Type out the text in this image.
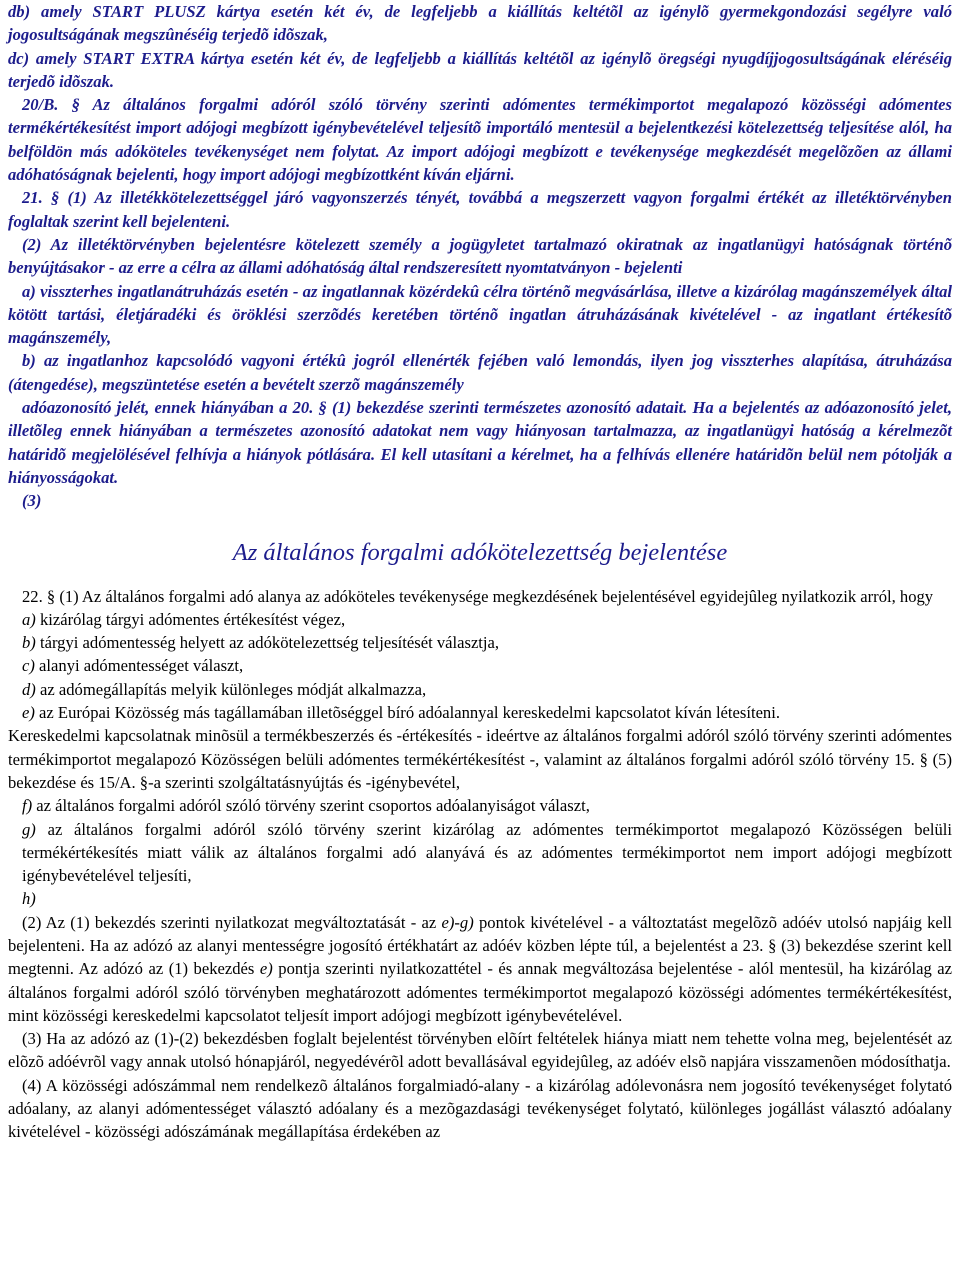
db) amely START PLUSZ kártya esetén két év, de legfeljebb a kiállítás keltétõl az igénylõ gyermekgondozási segélyre való jogosultságának megszûnéséig terjedõ idõszak,

dc) amely START EXTRA kártya esetén két év, de legfeljebb a kiállítás keltétõl az igénylõ öregségi nyugdíjjogosultságának eléréséig terjedõ idõszak.

20/B. § Az általános forgalmi adóról szóló törvény szerinti adómentes termékimportot megalapozó közösségi adómentes termékértékesítést import adójogi megbízott igénybevételével teljesítõ importáló mentesül a bejelentkezési kötelezettség teljesítése alól, ha belföldön más adóköteles tevékenységet nem folytat. Az import adójogi megbízott e tevékenysége megkezdését megelõzõen az állami adóhatóságnak bejelenti, hogy import adójogi megbízottként kíván eljárni.

21. § (1) Az illetékkötelezettséggel járó vagyonszerzés tényét, továbbá a megszerzett vagyon forgalmi értékét az illetéktörvényben foglaltak szerint kell bejelenteni.

(2) Az illetéktörvényben bejelentésre kötelezett személy a jogügyletet tartalmazó okiratnak az ingatlanügyi hatóságnak történõ benyújtásakor - az erre a célra az állami adóhatóság által rendszeresített nyomtatványon - bejelenti

a) visszterhes ingatlanátruházás esetén - az ingatlannak közérdekû célra történõ megvásárlása, illetve a kizárólag magánszemélyek által kötött tartási, életjáradéki és öröklési szerzõdés keretében történõ ingatlan átruházásának kivételével - az ingatlant értékesítõ magánszemély,

b) az ingatlanhoz kapcsolódó vagyoni értékû jogról ellenérték fejében való lemondás, ilyen jog visszterhes alapítása, átruházása (átengedése), megszüntetése esetén a bevételt szerzõ magánszemély

adóazonosító jelét, ennek hiányában a 20. § (1) bekezdése szerinti természetes azonosító adatait. Ha a bejelentés az adóazonosító jelet, illetõleg ennek hiányában a természetes azonosító adatokat nem vagy hiányosan tartalmazza, az ingatlanügyi hatóság a kérelmezõt határidõ megjelölésével felhívja a hiányok pótlására. El kell utasítani a kérelmet, ha a felhívás ellenére határidõn belül nem pótolják a hiányosságokat.

(3)

Az általános forgalmi adókötelezettség bejelentése

22. § (1) Az általános forgalmi adó alanya az adóköteles tevékenysége megkezdésének bejelentésével egyidejûleg nyilatkozik arról, hogy

a) kizárólag tárgyi adómentes értékesítést végez,
b) tárgyi adómentesség helyett az adókötelezettség teljesítését választja,
c) alanyi adómentességet választ,
d) az adómegállapítás melyik különleges módját alkalmazza,
e) az Európai Közösség más tagállamában illetõséggel bíró adóalannyal kereskedelmi kapcsolatot kíván létesíteni.

Kereskedelmi kapcsolatnak minõsül a termékbeszerzés és -értékesítés - ideértve az általános forgalmi adóról szóló törvény szerinti adómentes termékimportot megalapozó Közösségen belüli adómentes termékértékesítést -, valamint az általános forgalmi adóról szóló törvény 15. § (5) bekezdése és 15/A. §-a szerinti szolgáltatásnyújtás és -igénybevétel,

f) az általános forgalmi adóról szóló törvény szerint csoportos adóalanyiságot választ,
g) az általános forgalmi adóról szóló törvény szerint kizárólag az adómentes termékimportot megalapozó Közösségen belüli termékértékesítés miatt válik az általános forgalmi adó alanyává és az adómentes termékimportot nem import adójogi megbízott igénybevételével teljesíti,
h)

(2) Az (1) bekezdés szerinti nyilatkozat megváltoztatását - az e)-g) pontok kivételével - a változtatást megelõzõ adóév utolsó napjáig kell bejelenteni. Ha az adózó az alanyi mentességre jogosító értékhatárt az adóév közben lépte túl, a bejelentést a 23. § (3) bekezdése szerint kell megtenni. Az adózó az (1) bekezdés e) pontja szerinti nyilatkozattétel - és annak megváltozása bejelentése - alól mentesül, ha kizárólag az általános forgalmi adóról szóló törvényben meghatározott adómentes termékimportot megalapozó közösségi adómentes termékértékesítést, mint közösségi kereskedelmi kapcsolatot teljesít import adójogi megbízott igénybevételével.

(3) Ha az adózó az (1)-(2) bekezdésben foglalt bejelentést törvényben elõírt feltételek hiánya miatt nem tehette volna meg, bejelentését az elõzõ adóévrõl vagy annak utolsó hónapjáról, negyedévérõl adott bevallásával egyidejûleg, az adóév elsõ napjára visszamenõen módosíthatja.

(4) A közösségi adószámmal nem rendelkezõ általános forgalmiadó-alany - a kizárólag adólevonásra nem jogosító tevékenységet folytató adóalany, az alanyi adómentességet választó adóalany és a mezõgazdasági tevékenységet folytató, különleges jogállást választó adóalany kivételével - közösségi adószámának megállapítása érdekében az
